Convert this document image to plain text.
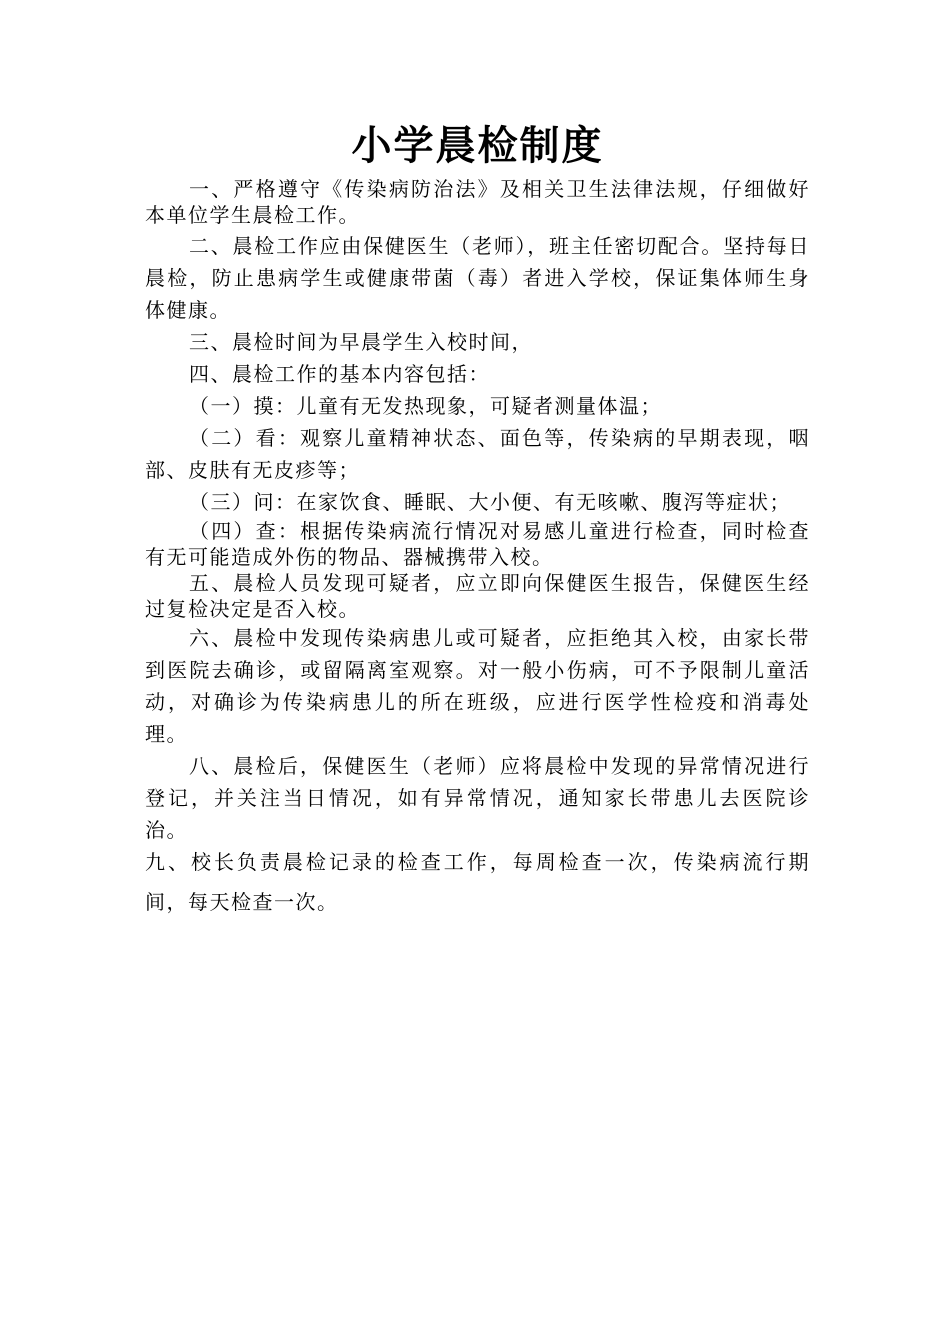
小学晨检制度

一、严格遵守《传染病防治法》及相关卫生法律法规，仔细做好本单位学生晨检工作。

二、晨检工作应由保健医生（老师），班主任密切配合。坚持每日晨检，防止患病学生或健康带菌（毒）者进入学校，保证集体师生身体健康。

三、晨检时间为早晨学生入校时间，

四、晨检工作的基本内容包括：

（一）摸：儿童有无发热现象，可疑者测量体温；

（二）看：观察儿童精神状态、面色等，传染病的早期表现，咽部、皮肤有无皮疹等；

（三）问：在家饮食、睡眠、大小便、有无咳嗽、腹泻等症状；

（四）查：根据传染病流行情况对易感儿童进行检查，同时检查有无可能造成外伤的物品、器械携带入校。

五、晨检人员发现可疑者，应立即向保健医生报告，保健医生经过复检决定是否入校。

六、晨检中发现传染病患儿或可疑者，应拒绝其入校，由家长带到医院去确诊，或留隔离室观察。对一般小伤病，可不予限制儿童活动，对确诊为传染病患儿的所在班级，应进行医学性检疫和消毒处理。

八、晨检后，保健医生（老师）应将晨检中发现的异常情况进行登记，并关注当日情况，如有异常情况，通知家长带患儿去医院诊治。

九、校长负责晨检记录的检查工作，每周检查一次，传染病流行期间，每天检查一次。
